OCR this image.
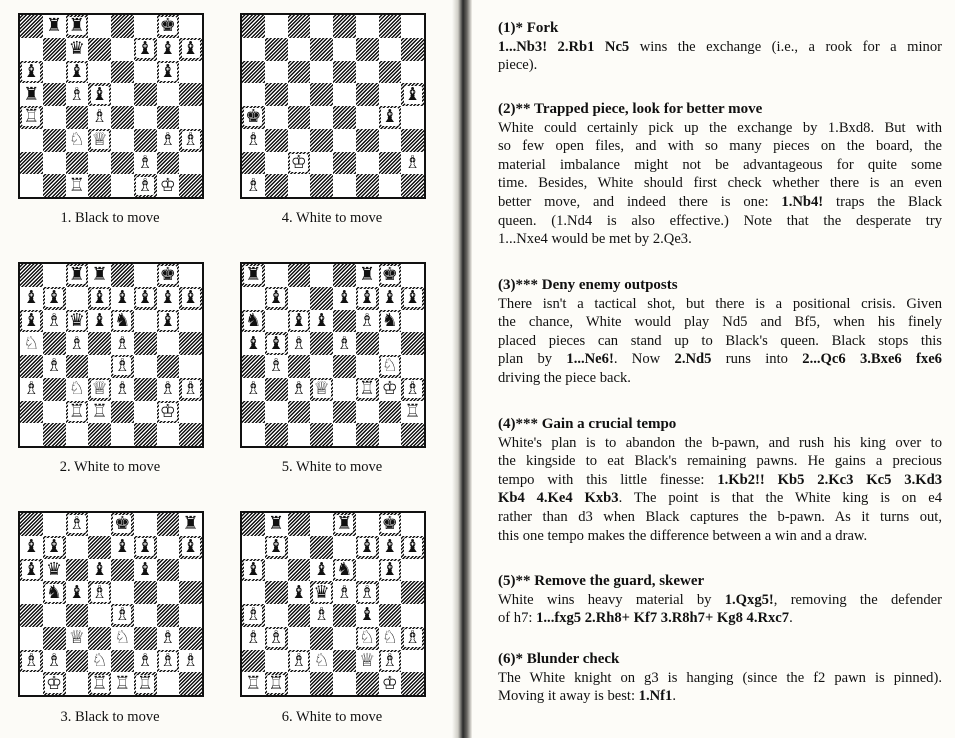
♜ ♜	♚
♛	♝ ♝ ♝
♝ ♝	♝
♜ ♗ ♝
♖	♗
♘ ♕	♗ ♗
♗
♖	♗ ♔
1. Black to move
♝
♚	♝
♗
♔	♗
♗
4. White to move
♜ ♜	♚
♝ ♝ ♝ ♝ ♝ ♝ ♝
♝ ♗ ♛ ♝ ♞ ♝
♘ ♗ ♗
♗	♗
♗ ♘ ♕ ♗ ♗ ♗
♖ ♖	♔
2. White to move
♜	♜ ♚
♝	♝ ♝ ♝ ♝
♞ ♝ ♝ ♗ ♞
♝ ♝ ♗ ♗
♗	♘
♗ ♗ ♕ ♖ ♔ ♗
♖
5. White to move
♗ ♚	♜
♝ ♝	♝ ♝ ♝
♝ ♛ ♝ ♝
♞ ♝ ♗
♗
♕ ♘ ♗
♗ ♗ ♘ ♗ ♗ ♗
♔ ♖ ♖ ♖
3. Black to move
♜	♜ ♚
♝	♝ ♝ ♝
♝	♝ ♞ ♝
♝ ♛ ♗ ♗
♗	♗ ♝
♗ ♗	♘ ♘ ♗
♗ ♘ ♕ ♗
♖ ♖	♔
6. White to move

(1)* Fork

1...Nb3! 2.Rb1 Nc5 wins the exchange (i.e., a rook for a minor

piece).

(2)** Trapped piece, look for better move

White could certainly pick up the exchange by 1.Bxd8. But with

so few open files, and with so many pieces on the board, the

material imbalance might not be advantageous for quite some

time. Besides, White should first check whether there is an even

better move, and indeed there is one: 1.Nb4! traps the Black

queen. (1.Nd4 is also effective.) Note that the desperate try

1...Nxe4 would be met by 2.Qe3.

(3)*** Deny enemy outposts

There isn't a tactical shot, but there is a positional crisis. Given

the chance, White would play Nd5 and Bf5, when his finely

placed pieces can stand up to Black's queen. Black stops this

plan by 1...Ne6!. Now 2.Nd5 runs into 2...Qc6 3.Bxe6 fxe6

driving the piece back.

(4)*** Gain a crucial tempo

White's plan is to abandon the b-pawn, and rush his king over to

the kingside to eat Black's remaining pawns. He gains a precious

tempo with this little finesse: 1.Kb2!! Kb5 2.Kc3 Kc5 3.Kd3

Kb4 4.Ke4 Kxb3. The point is that the White king is on e4

rather than d3 when Black captures the b-pawn. As it turns out,

this one tempo makes the difference between a win and a draw.

(5)** Remove the guard, skewer

White wins heavy material by 1.Qxg5!, removing the defender

of h7: 1...fxg5 2.Rh8+ Kf7 3.R8h7+ Kg8 4.Rxc7.

(6)* Blunder check

The White knight on g3 is hanging (since the f2 pawn is pinned).

Moving it away is best: 1.Nf1.
